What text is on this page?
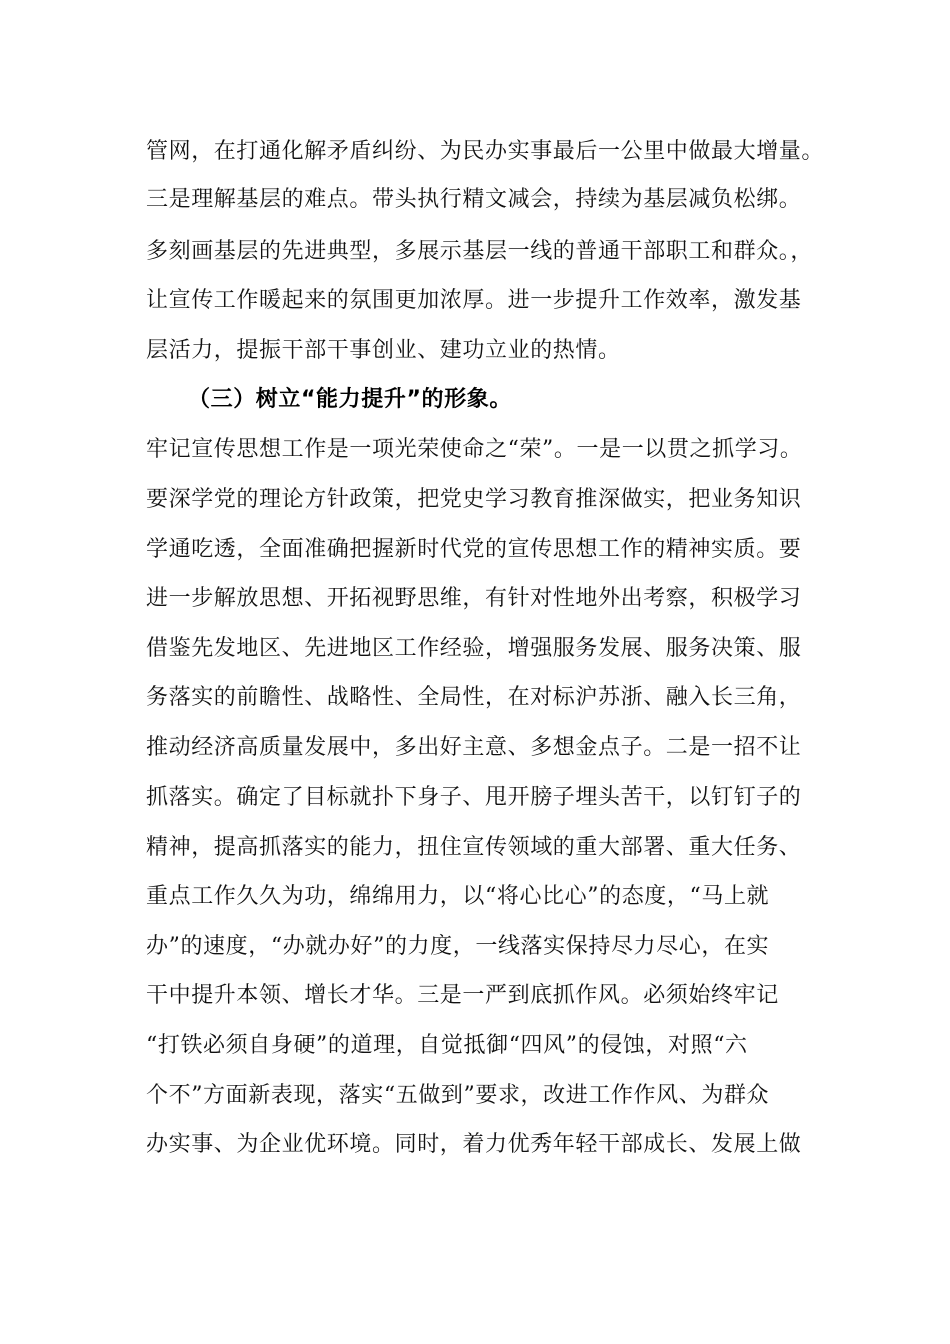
管网，在打通化解矛盾纠纷、为民办实事最后一公里中做最大增量。
三是理解基层的难点。带头执行精文减会，持续为基层减负松绑。
多刻画基层的先进典型，多展示基层一线的普通干部职工和群众。，
让宣传工作暖起来的氛围更加浓厚。进一步提升工作效率，激发基
层活力，提振干部干事创业、建功立业的热情。
（三）树立“能力提升”的形象。
牢记宣传思想工作是一项光荣使命之“荣”。一是一以贯之抓学习。
要深学党的理论方针政策，把党史学习教育推深做实，把业务知识
学通吃透，全面准确把握新时代党的宣传思想工作的精神实质。要
进一步解放思想、开拓视野思维，有针对性地外出考察，积极学习
借鉴先发地区、先进地区工作经验，增强服务发展、服务决策、服
务落实的前瞻性、战略性、全局性，在对标沪苏浙、融入长三角，
推动经济高质量发展中，多出好主意、多想金点子。二是一招不让
抓落实。确定了目标就扑下身子、甩开膀子埋头苦干，以钉钉子的
精神，提高抓落实的能力，扭住宣传领域的重大部署、重大任务、
重点工作久久为功，绵绵用力，以“将心比心”的态度，“马上就
办”的速度，“办就办好”的力度，一线落实保持尽力尽心，在实
干中提升本领、增长才华。三是一严到底抓作风。必须始终牢记
“打铁必须自身硬”的道理，自觉抵御“四风”的侵蚀，对照“六
个不”方面新表现，落实“五做到”要求，改进工作作风、为群众
办实事、为企业优环境。同时，着力优秀年轻干部成长、发展上做
